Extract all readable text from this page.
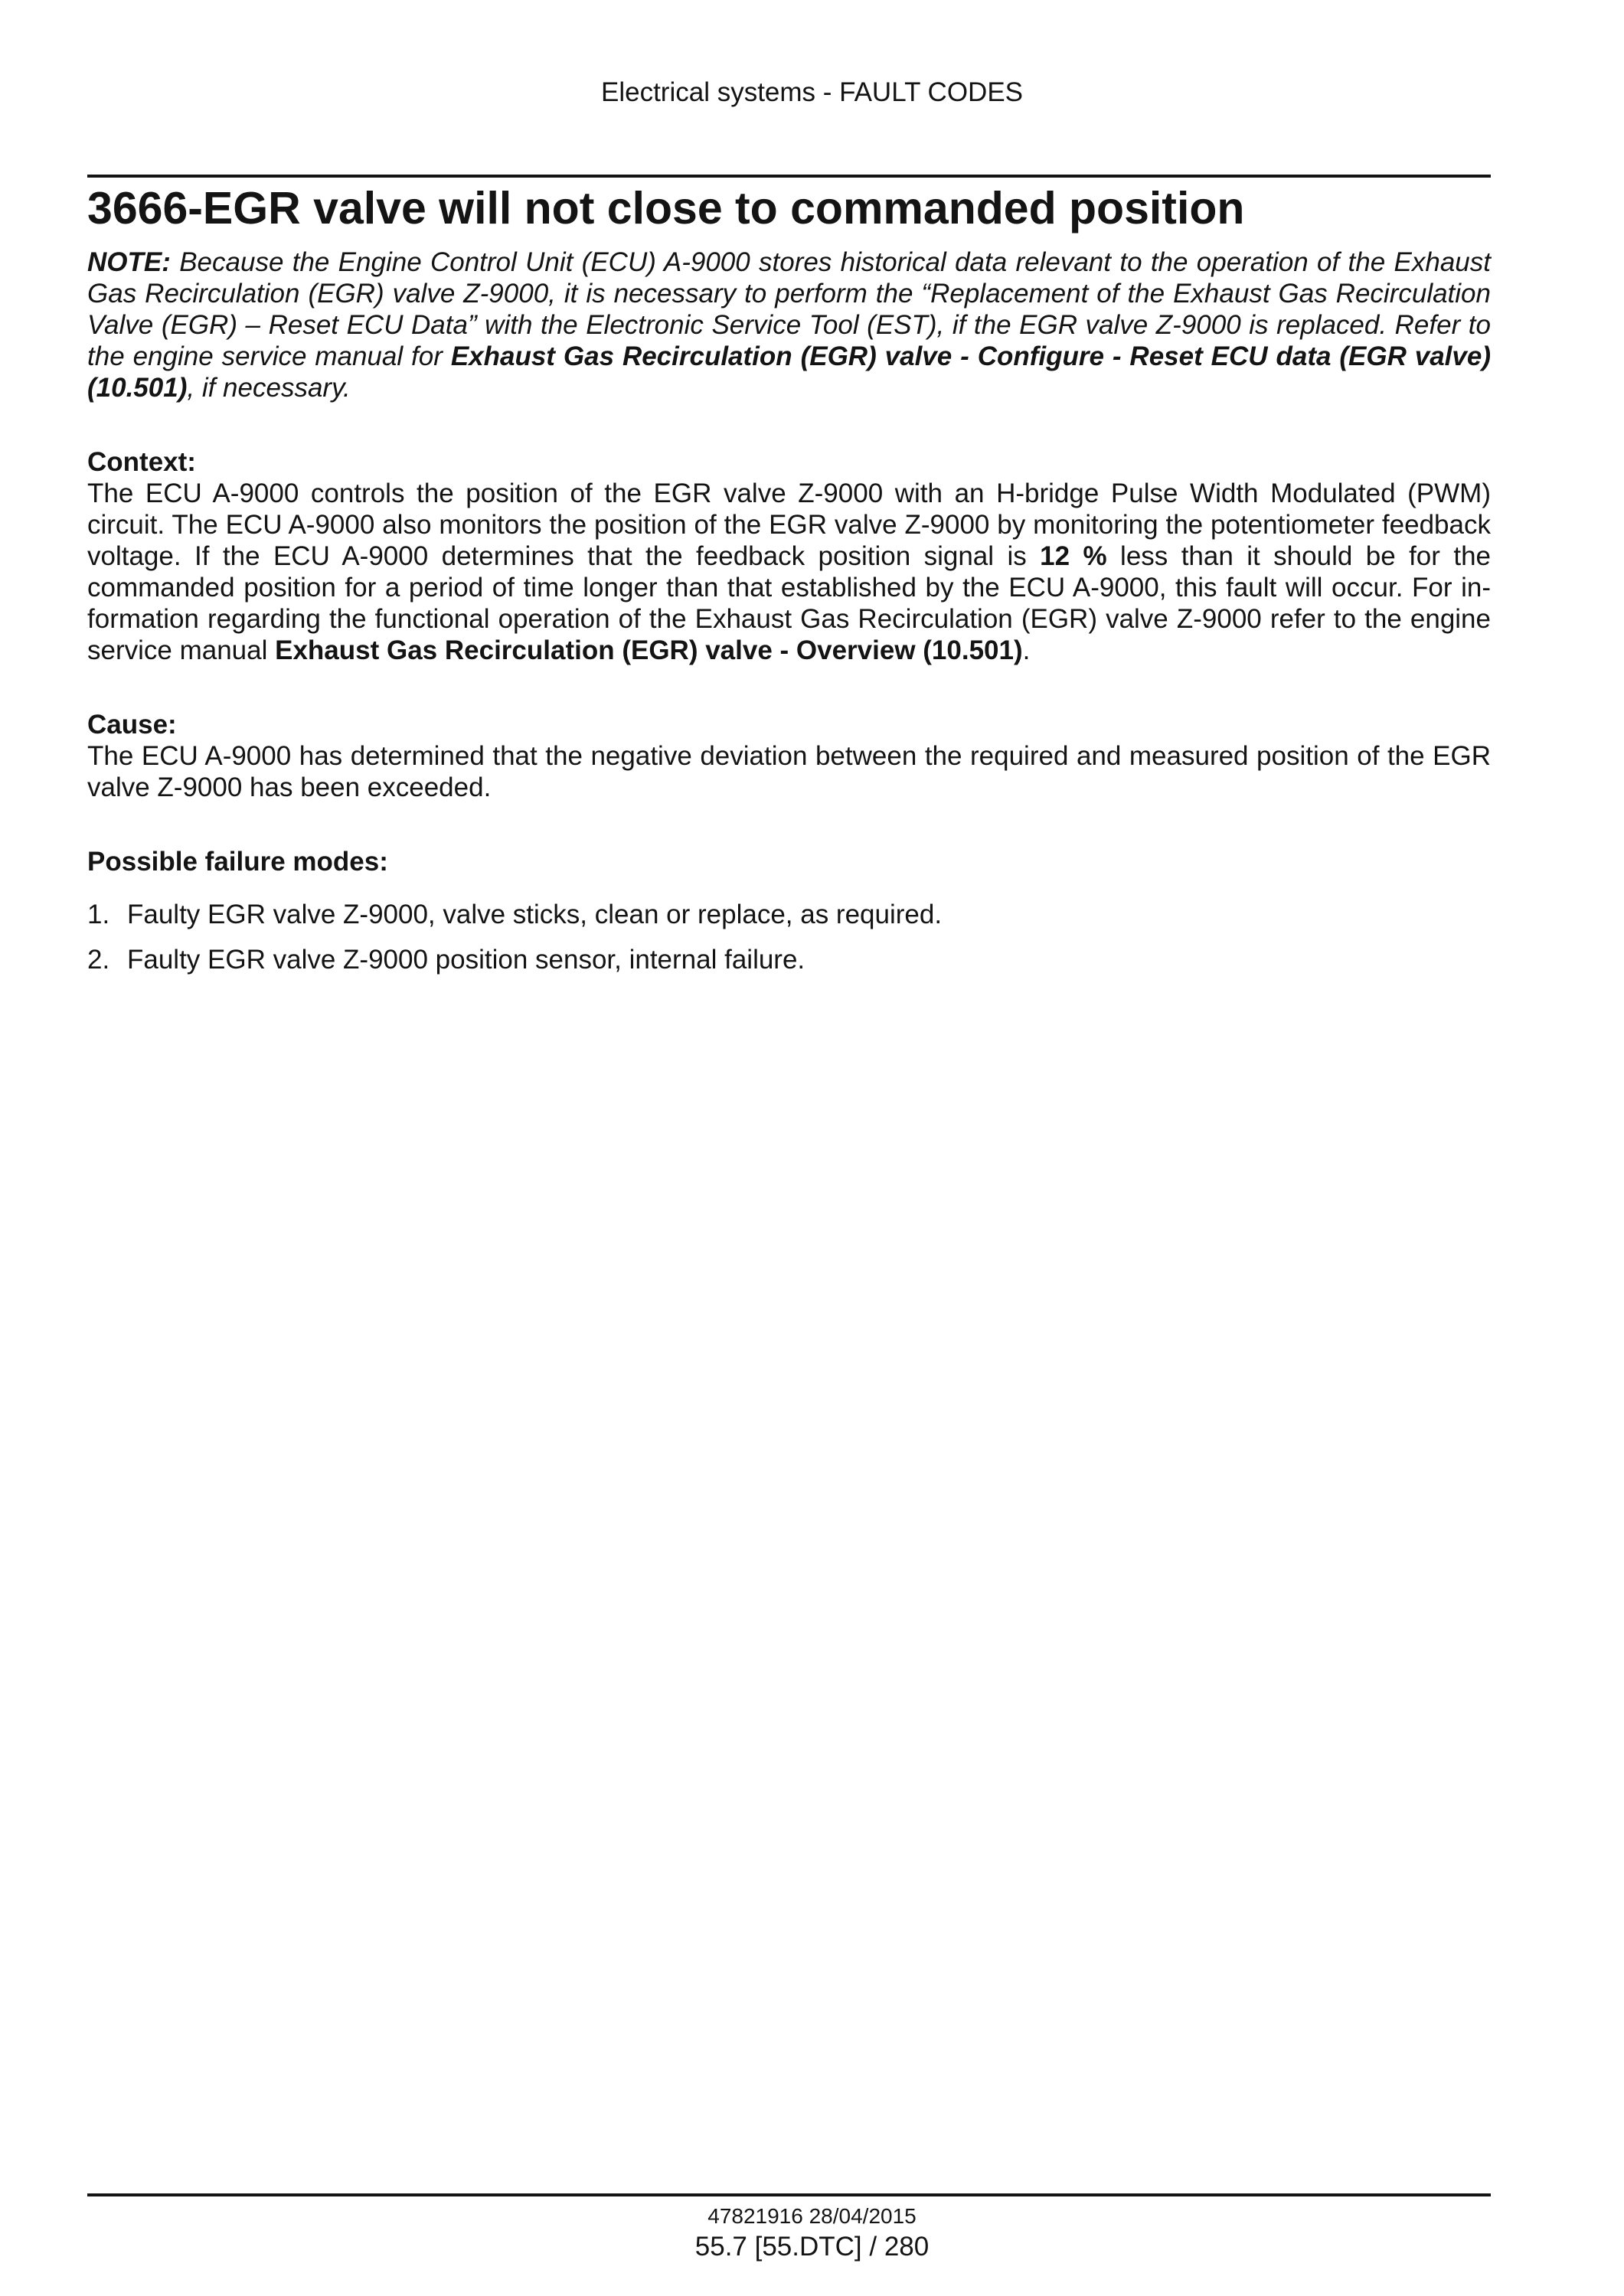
Electrical systems - FAULT CODES
3666-EGR valve will not close to commanded position

NOTE: Because the Engine Control Unit (ECU) A-9000 stores historical data relevant to the operation of the Exhaust Gas Recirculation (EGR) valve Z-9000, it is necessary to perform the “Replacement of the Exhaust Gas Recirculation Valve (EGR) – Reset ECU Data” with the Electronic Service Tool (EST), if the EGR valve Z-9000 is replaced. Refer to the engine service manual for Exhaust Gas Recirculation (EGR) valve - Configure - Reset ECU data (EGR valve) (10.501), if necessary.

Context:

The ECU A-9000 controls the position of the EGR valve Z-9000 with an H-bridge Pulse Width Modulated (PWM) circuit. The ECU A-9000 also monitors the position of the EGR valve Z-9000 by monitoring the potentiometer feedback voltage. If the ECU A-9000 determines that the feedback position signal is 12 % less than it should be for the commanded position for a period of time longer than that established by the ECU A-9000, this fault will occur. For information regarding the functional operation of the Exhaust Gas Recirculation (EGR) valve Z-9000 refer to the engine service manual Exhaust Gas Recirculation (EGR) valve - Overview (10.501).

Cause:

The ECU A-9000 has determined that the negative deviation between the required and measured position of the EGR valve Z-9000 has been exceeded.

Possible failure modes:

1. Faulty EGR valve Z-9000, valve sticks, clean or replace, as required.
2. Faulty EGR valve Z-9000 position sensor, internal failure.
47821916 28/04/2015
55.7 [55.DTC] / 280
